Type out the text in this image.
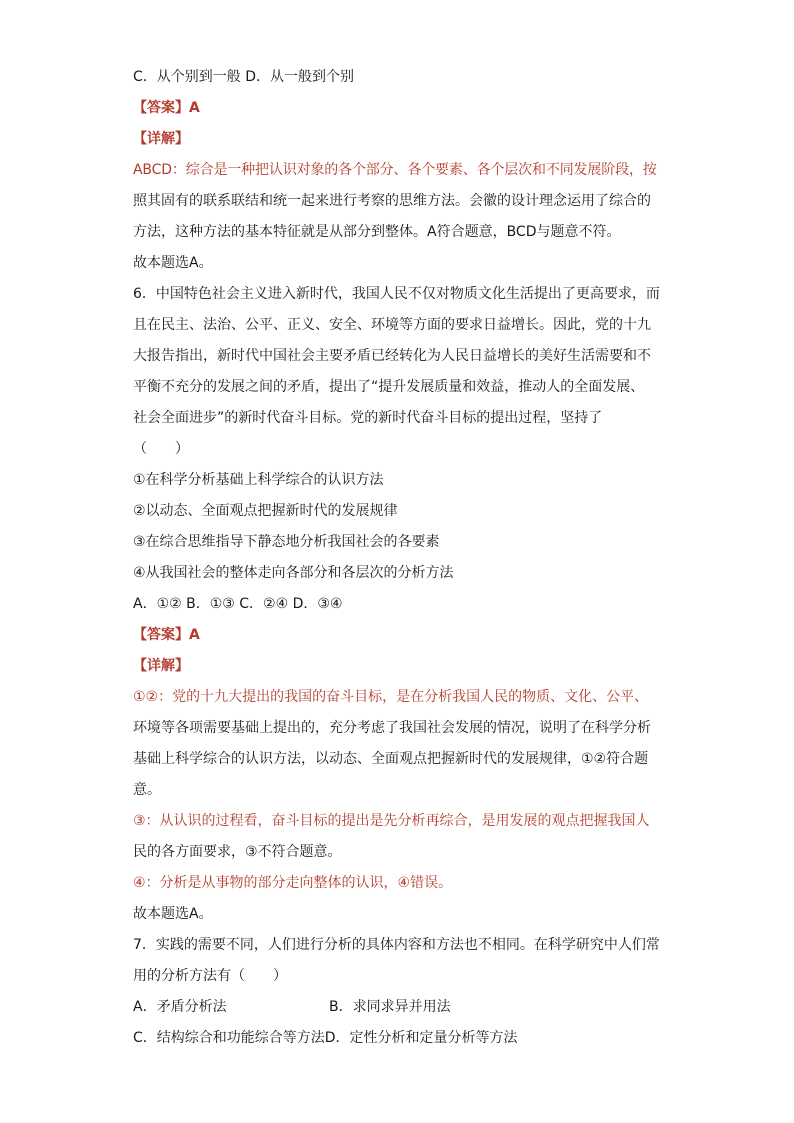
C．从个别到一般 D．从一般到个别
【答案】A
【详解】
ABCD：综合是一种把认识对象的各个部分、各个要素、各个层次和不同发展阶段，按
照其固有的联系联结和统一起来进行考察的思维方法。会徽的设计理念运用了综合的
方法，这种方法的基本特征就是从部分到整体。A符合题意，BCD与题意不符。
故本题选A。
6．中国特色社会主义进入新时代，我国人民不仅对物质文化生活提出了更高要求，而
且在民主、法治、公平、正义、安全、环境等方面的要求日益增长。因此，党的十九
大报告指出，新时代中国社会主要矛盾已经转化为人民日益增长的美好生活需要和不
平衡不充分的发展之间的矛盾，提出了“提升发展质量和效益，推动人的全面发展、
社会全面进步”的新时代奋斗目标。党的新时代奋斗目标的提出过程，坚持了
（　　）
①在科学分析基础上科学综合的认识方法
②以动态、全面观点把握新时代的发展规律
③在综合思维指导下静态地分析我国社会的各要素
④从我国社会的整体走向各部分和各层次的分析方法
A．①② B．①③ C．②④ D．③④
【答案】A
【详解】
①②：党的十九大提出的我国的奋斗目标，是在分析我国人民的物质、文化、公平、
环境等各项需要基础上提出的，充分考虑了我国社会发展的情况，说明了在科学分析
基础上科学综合的认识方法，以动态、全面观点把握新时代的发展规律，①②符合题
意。
③：从认识的过程看，奋斗目标的提出是先分析再综合，是用发展的观点把握我国人
民的各方面要求，③不符合题意。
④：分析是从事物的部分走向整体的认识，④错误。
故本题选A。
7．实践的需要不同，人们进行分析的具体内容和方法也不相同。在科学研究中人们常
用的分析方法有（　　）
A．矛盾分析法	B．求同求异并用法
C．结构综合和功能综合等方法 D．定性分析和定量分析等方法
